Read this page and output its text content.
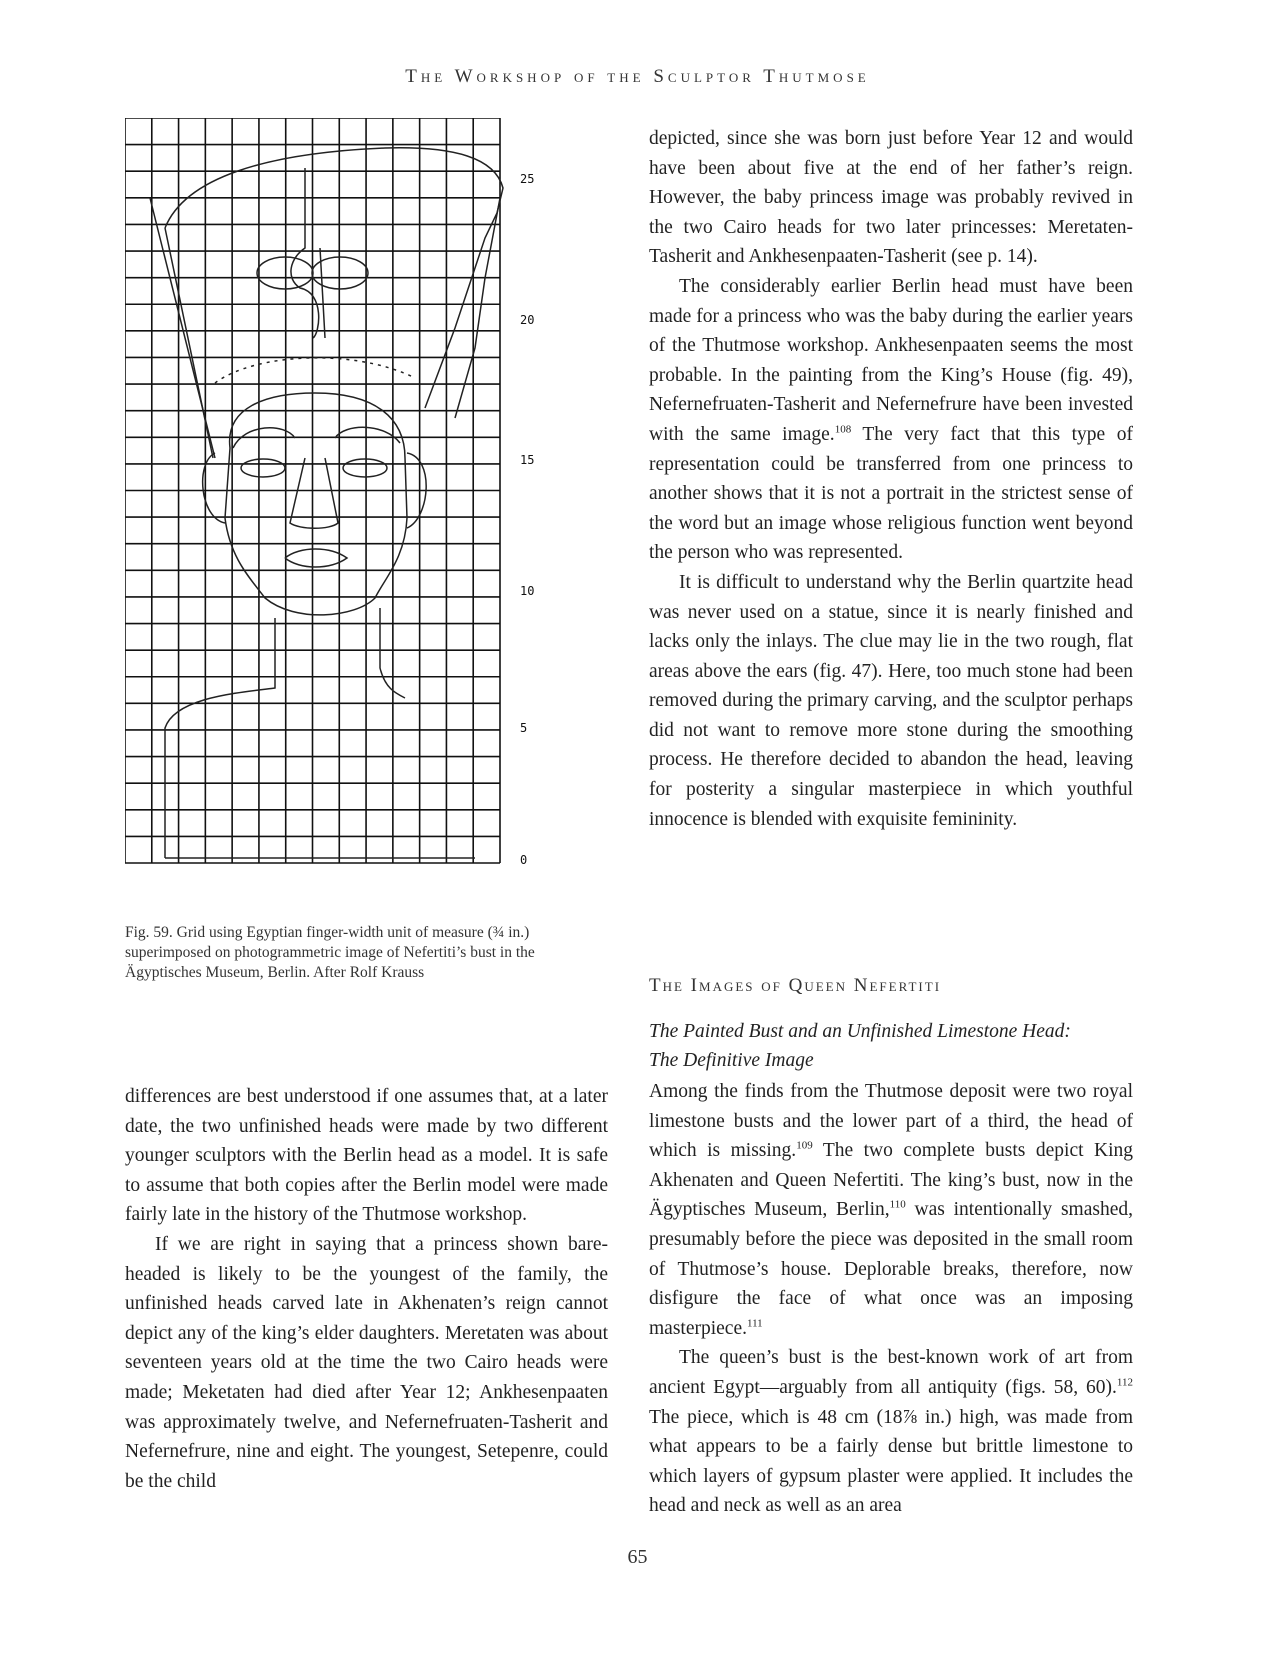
The Workshop of the Sculptor Thutmose
25
20
15
10
5
0
Fig. 59. Grid using Egyptian finger-width unit of measure (¾ in.) superimposed on photogrammetric image of Nefertiti’s bust in the Ägyptisches Museum, Berlin. After Rolf Krauss

differences are best understood if one assumes that, at a later date, the two unfinished heads were made by two different younger sculptors with the Berlin head as a model. It is safe to assume that both copies after the Berlin model were made fairly late in the history of the Thutmose workshop.

If we are right in saying that a princess shown bare-headed is likely to be the youngest of the family, the unfinished heads carved late in Akhenaten’s reign cannot depict any of the king’s elder daughters. Meretaten was about seventeen years old at the time the two Cairo heads were made; Meketaten had died after Year 12; Ankhesenpaaten was approximately twelve, and Nefernefruaten-Tasherit and Nefernefrure, nine and eight. The youngest, Setepenre, could be the child

depicted, since she was born just before Year 12 and would have been about five at the end of her father’s reign. However, the baby princess image was probably revived in the two Cairo heads for two later princesses: Meretaten-Tasherit and Ankhesenpaaten-Tasherit (see p. 14).

The considerably earlier Berlin head must have been made for a princess who was the baby during the earlier years of the Thutmose workshop. Ankhesenpaaten seems the most probable. In the painting from the King’s House (fig. 49), Nefernefruaten-Tasherit and Nefernefrure have been invested with the same image.$^{108}$ The very fact that this type of representation could be transferred from one princess to another shows that it is not a portrait in the strictest sense of the word but an image whose religious function went beyond the person who was represented.

It is difficult to understand why the Berlin quartzite head was never used on a statue, since it is nearly finished and lacks only the inlays. The clue may lie in the two rough, flat areas above the ears (fig. 47). Here, too much stone had been removed during the primary carving, and the sculptor perhaps did not want to remove more stone during the smoothing process. He therefore decided to abandon the head, leaving for posterity a singular masterpiece in which youthful innocence is blended with exquisite femininity.

The Images of Queen Nefertiti
The Painted Bust and an Unfinished Limestone Head:
The Definitive Image

Among the finds from the Thutmose deposit were two royal limestone busts and the lower part of a third, the head of which is missing.$^{109}$ The two complete busts depict King Akhenaten and Queen Nefertiti. The king’s bust, now in the Ägyptisches Museum, Berlin,$^{110}$ was intentionally smashed, presumably before the piece was deposited in the small room of Thutmose’s house. Deplorable breaks, therefore, now disfigure the face of what once was an imposing masterpiece.$^{111}$

The queen’s bust is the best-known work of art from ancient Egypt—arguably from all antiquity (figs. 58, 60).$^{112}$ The piece, which is 48 cm (18⅞ in.) high, was made from what appears to be a fairly dense but brittle limestone to which layers of gypsum plaster were applied. It includes the head and neck as well as an area

65
